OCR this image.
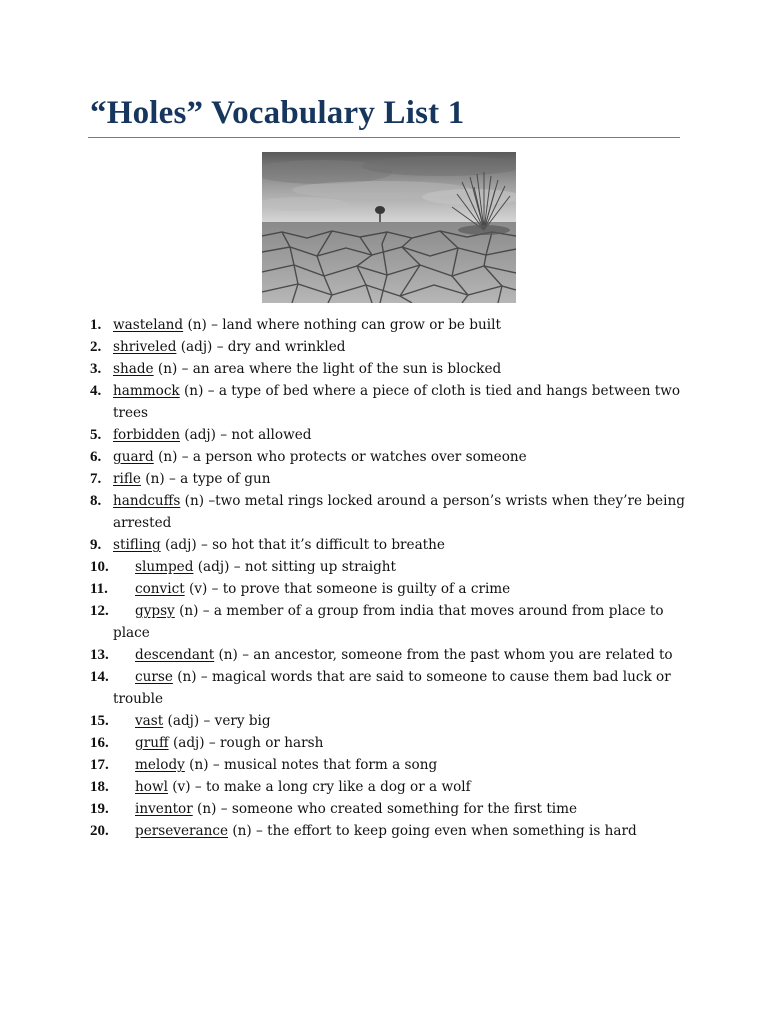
“Holes” Vocabulary List 1
1. wasteland (n) – land where nothing can grow or be built
2. shriveled (adj) – dry and wrinkled
3. shade (n) – an area where the light of the sun is blocked
4. hammock (n) – a type of bed where a piece of cloth is tied and hangs between two trees
5. forbidden (adj) – not allowed
6. guard (n) – a person who protects or watches over someone
7. rifle (n) – a type of gun
8. handcuffs (n) –two metal rings locked around a person’s wrists when they’re being arrested
9. stifling (adj) – so hot that it’s difficult to breathe
10. slumped (adj) – not sitting up straight
11. convict (v) – to prove that someone is guilty of a crime
12. gypsy (n) – a member of a group from india that moves around from place to place
13. descendant (n) – an ancestor, someone from the past whom you are related to
14. curse (n) – magical words that are said to someone to cause them bad luck or trouble
15. vast (adj) – very big
16. gruff (adj) – rough or harsh
17. melody (n) – musical notes that form a song
18. howl (v) – to make a long cry like a dog or a wolf
19. inventor (n) – someone who created something for the first time
20. perseverance (n) – the effort to keep going even when something is hard
